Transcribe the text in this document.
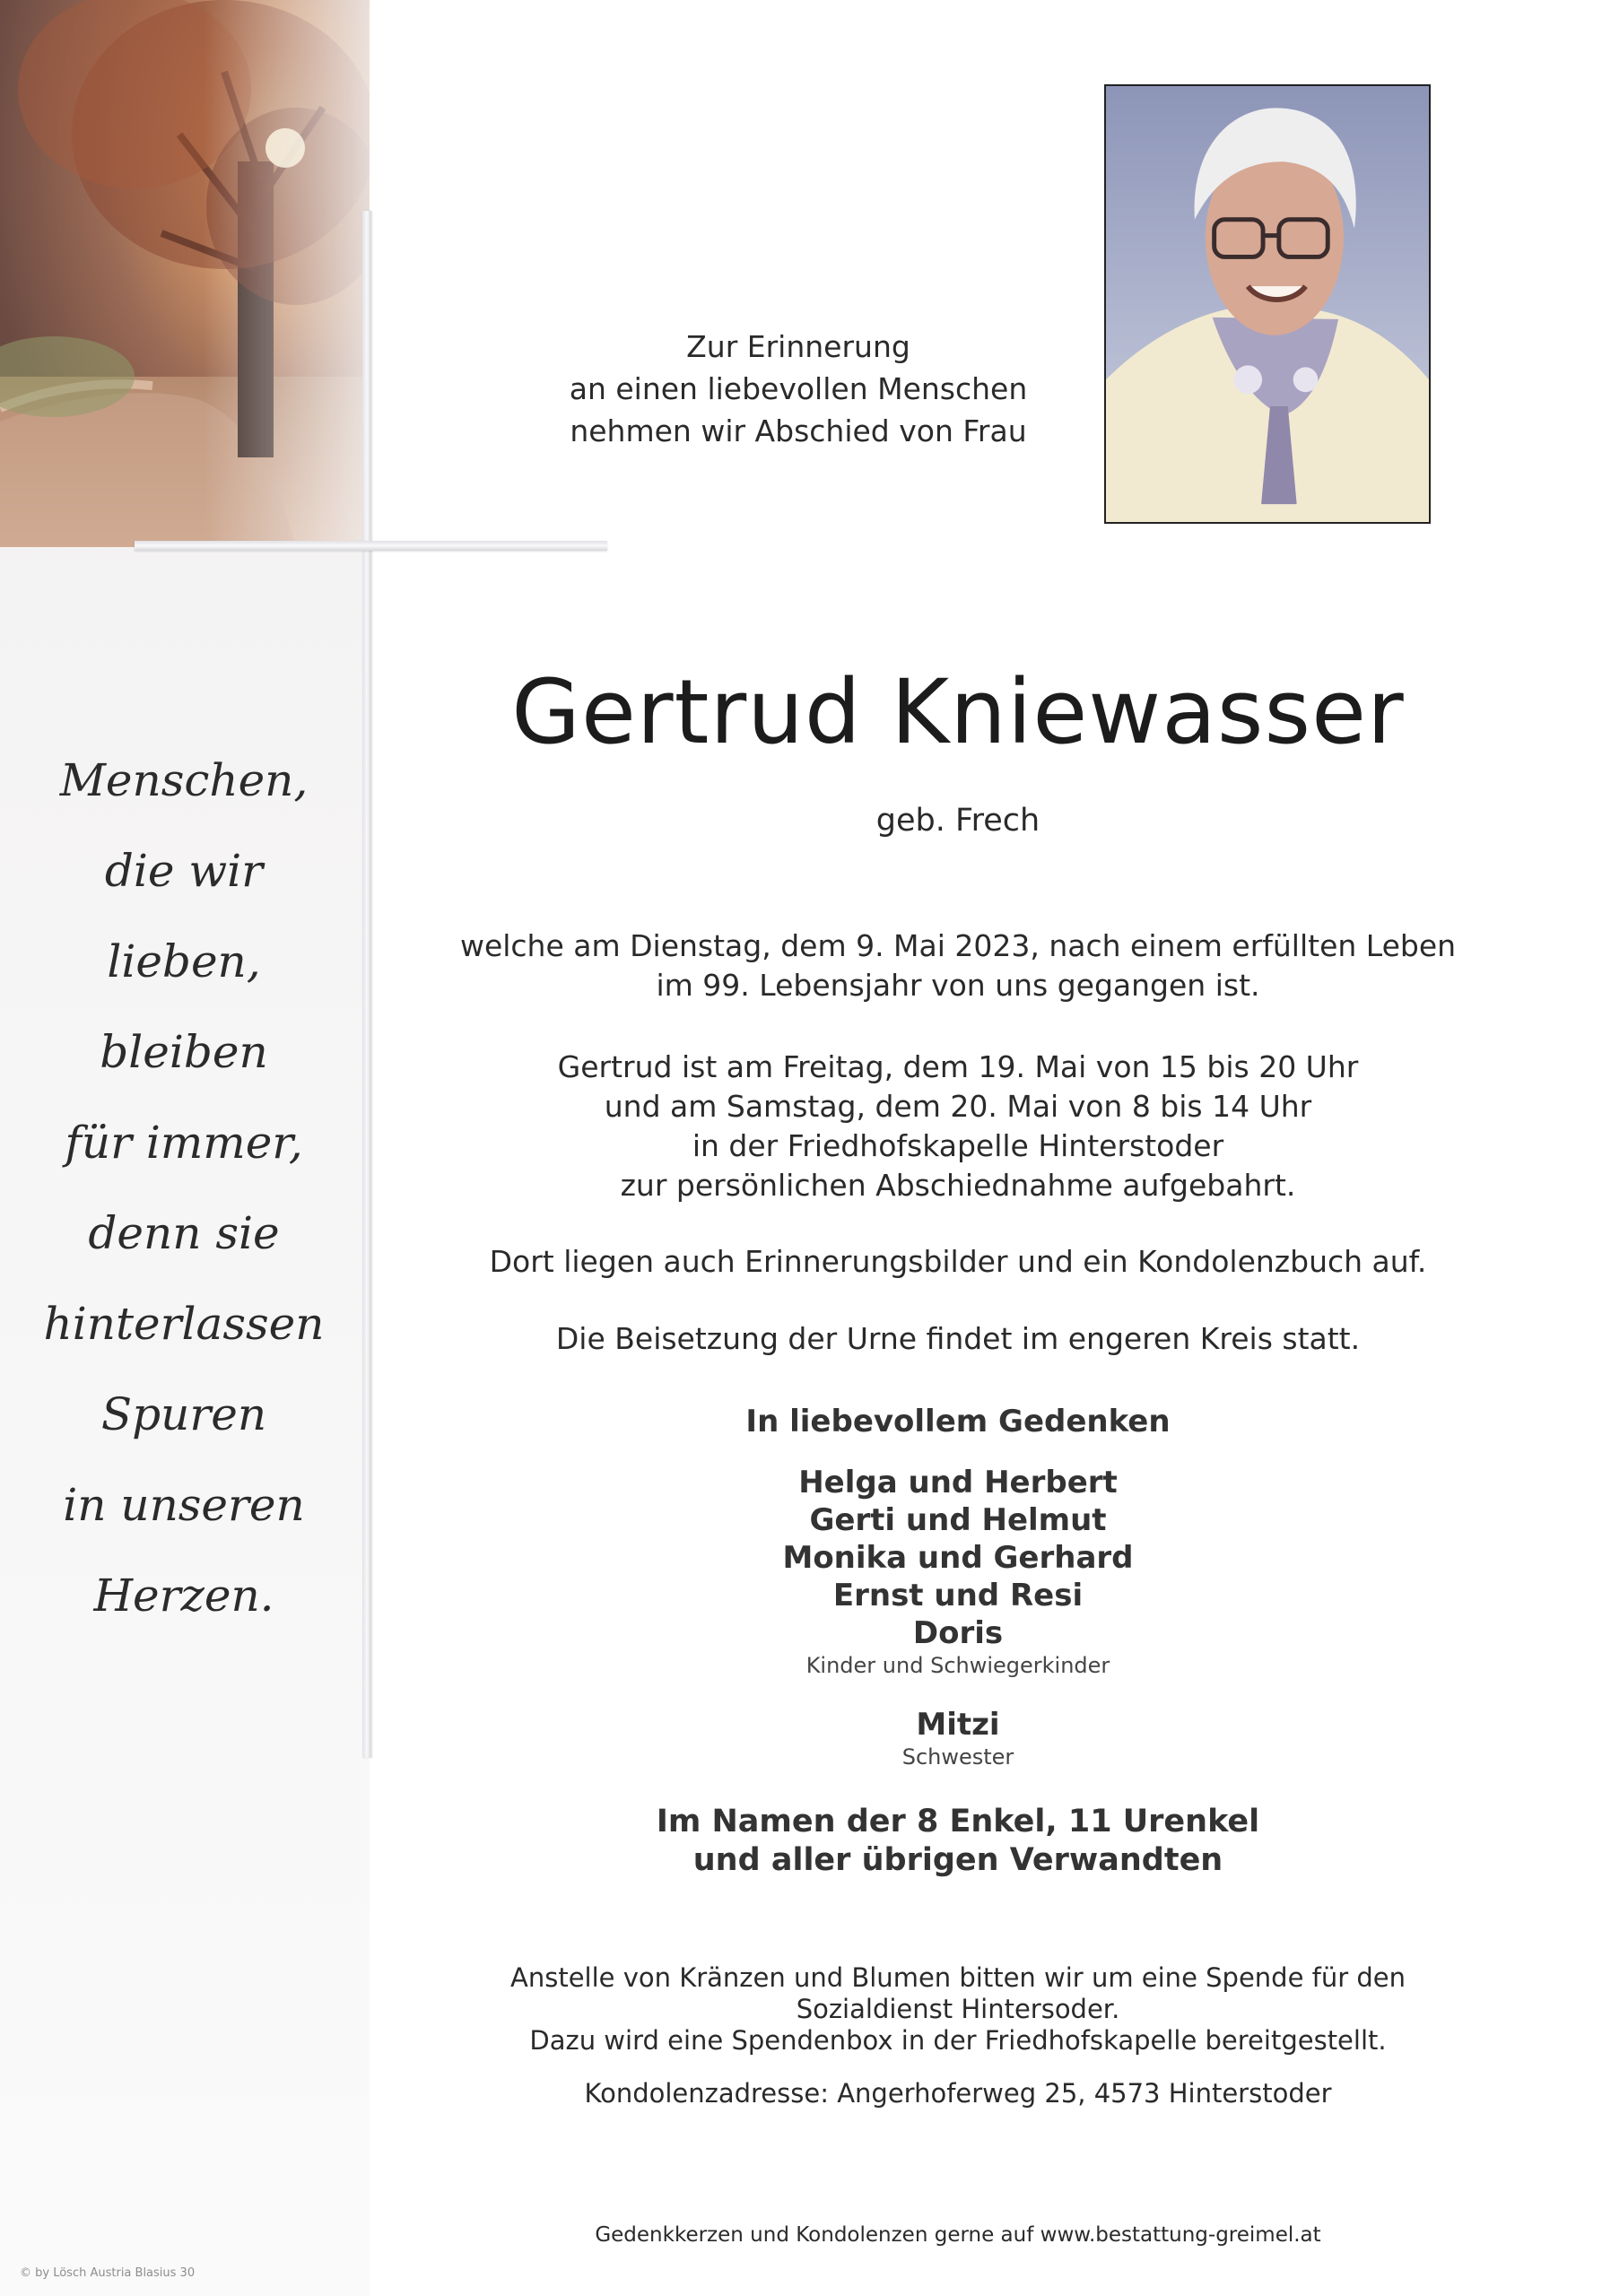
Menschen,
die wir
lieben,
bleiben
für immer,
denn sie
hinterlassen
Spuren
in unseren
Herzen.
Zur Erinnerung
an einen liebevollen Menschen
nehmen wir Abschied von Frau
Gertrud Kniewasser
geb. Frech
welche am Dienstag, dem 9. Mai 2023, nach einem erfüllten Leben
im 99. Lebensjahr von uns gegangen ist.
Gertrud ist am Freitag, dem 19. Mai von 15 bis 20 Uhr
und am Samstag, dem 20. Mai von 8 bis 14 Uhr
in der Friedhofskapelle Hinterstoder
zur persönlichen Abschiednahme aufgebahrt.
Dort liegen auch Erinnerungsbilder und ein Kondolenzbuch auf.
Die Beisetzung der Urne findet im engeren Kreis statt.
In liebevollem Gedenken
Helga und Herbert
Gerti und Helmut
Monika und Gerhard
Ernst und Resi
Doris
Kinder und Schwiegerkinder
Mitzi
Schwester
Im Namen der 8 Enkel, 11 Urenkel
und aller übrigen Verwandten
Anstelle von Kränzen und Blumen bitten wir um eine Spende für den
Sozialdienst Hintersoder.
Dazu wird eine Spendenbox in der Friedhofskapelle bereitgestellt.
Kondolenzadresse: Angerhoferweg 25, 4573 Hinterstoder
Gedenkkerzen und Kondolenzen gerne auf www.bestattung-greimel.at
© by Lösch Austria Blasius 30
